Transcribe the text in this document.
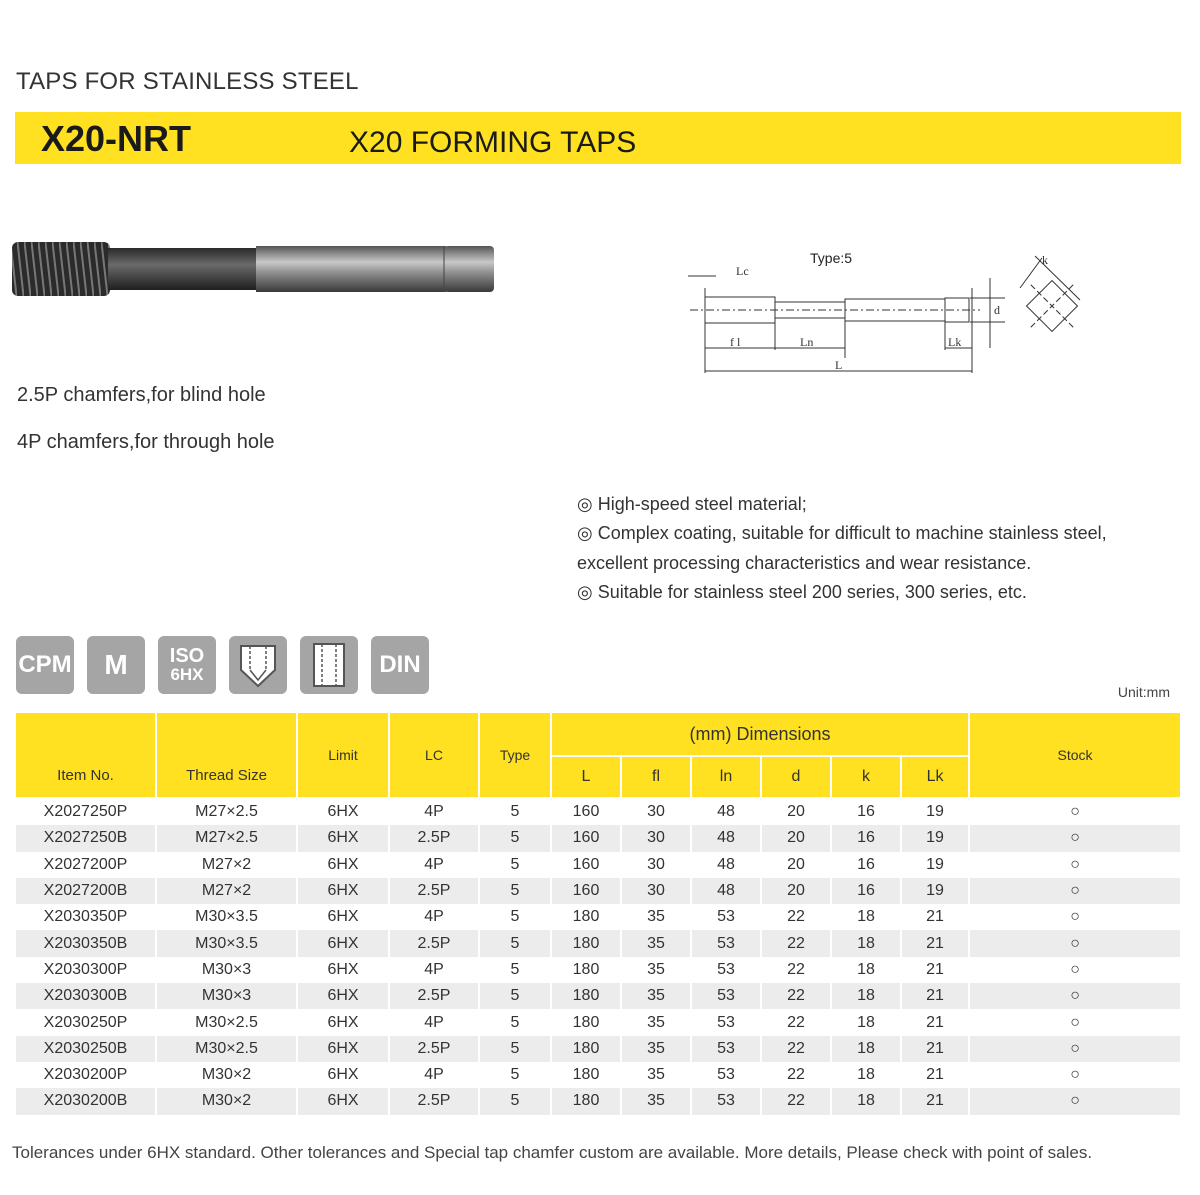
TAPS FOR STAINLESS STEEL
X20-NRT	X20 FORMING TAPS
Type:5
Lc
f l	Ln
L
Lk
d
k
2.5P chamfers,for blind hole
4P chamfers,for through hole
◎ High-speed steel material;
◎ Complex coating, suitable for difficult to machine stainless steel,
excellent processing characteristics and wear resistance.
◎ Suitable for stainless steel 200 series, 300 series, etc.
CPM	M	ISO
6HX	DIN
Unit:mm
Item No.	Thread Size	Limit	LC	Type	(mm) Dimensions						Stock
					L	fl	ln	d	k	Lk	
X2027250P	M27×2.5	6HX	4P	5	160	30	48	20	16	19	○
X2027250B	M27×2.5	6HX	2.5P	5	160	30	48	20	16	19	○
X2027200P	M27×2	6HX	4P	5	160	30	48	20	16	19	○
X2027200B	M27×2	6HX	2.5P	5	160	30	48	20	16	19	○
X2030350P	M30×3.5	6HX	4P	5	180	35	53	22	18	21	○
X2030350B	M30×3.5	6HX	2.5P	5	180	35	53	22	18	21	○
X2030300P	M30×3	6HX	4P	5	180	35	53	22	18	21	○
X2030300B	M30×3	6HX	2.5P	5	180	35	53	22	18	21	○
X2030250P	M30×2.5	6HX	4P	5	180	35	53	22	18	21	○
X2030250B	M30×2.5	6HX	2.5P	5	180	35	53	22	18	21	○
X2030200P	M30×2	6HX	4P	5	180	35	53	22	18	21	○
X2030200B	M30×2	6HX	2.5P	5	180	35	53	22	18	21	○
Tolerances under 6HX standard. Other tolerances and Special tap chamfer custom are available. More details, Please check with point of sales.
